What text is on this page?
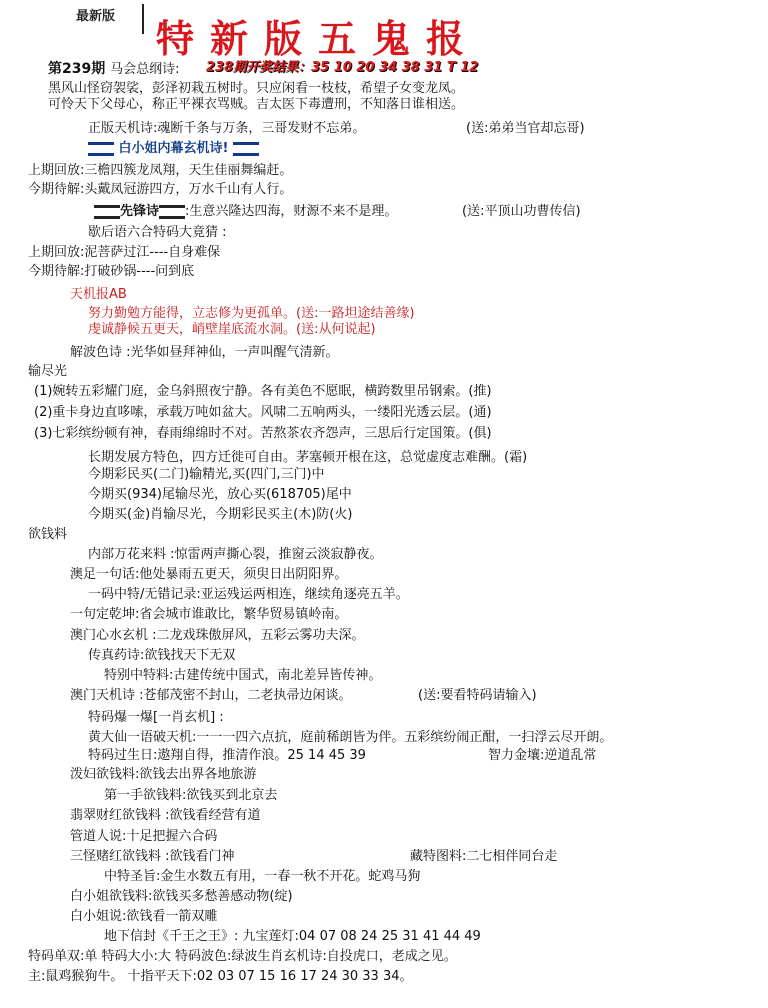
最新版 特新版五鬼报
第239期 马会总纲诗: 238期开奖结果：35 10 20 34 38 31 T 12
黑风山怪窃袈裟，彭泽初栽五树时。只应闲看一枝枝，希望子女变龙凤。
可怜天下父母心，称正平裸衣骂贼。吉太医下毒遭刑，不知落日谁相送。
正版天机诗:魂断千条与万条，三哥发财不忘弟。	(送:弟弟当官却忘哥)
白小姐内幕玄机诗!
上期回放:三檐四簇龙凤翔，天生佳丽舞编赶。
今期待解:头戴凤冠游四方，万水千山有人行。
先锋诗 :生意兴隆达四海，财源不来不是理。	(送:平顶山功曹传信)
歇后语六合特码大竟猜 :
上期回放:泥菩萨过江----自身难保
今期待解:打破砂锅----问到底
天机报AB
努力勤勉方能得，立志修为更孤单。(送:一路坦途结善缘)
虔诚静候五更天，峭壁崖底流水洞。(送:从何说起)
解波色诗 :光华如昼拜神仙，一声叫醒气清新。
输尽光
(1)婉转五彩耀门庭，金乌斜照夜宁静。各有美色不愿眠，横跨数里吊钢索。(推)
(2)重卡身边直哆嗦，承载万吨如盆大。风啸二五响两头，一缕阳光透云层。(通)
(3)七彩缤纷顿有神，春雨绵绵时不对。苦熬茶农齐怨声，三思后行定国策。(俱)
长期发展方特色，四方迁徙可自由。茅塞顿开根在这，总觉虚度志难酬。(霜)
今期彩民买(二门)输精光,买(四门,三门)中
今期买(934)尾输尽光，放心买(618705)尾中
今期买(金)肖输尽光，今期彩民买主(木)防(火)
欲钱料
内部万花来料 :惊雷两声撕心裂，推窗云淡寂静夜。
澳足一句话:他处暴雨五更天，须臾日出阴阳界。
一码中特/无错记录:亚运残运两相连，继续角逐亮五羊。
一句定乾坤:省会城市谁敢比，繁华贸易镇岭南。
澳门心水玄机 :二龙戏珠傲屏风，五彩云雾功夫深。
传真药诗:欲钱找天下无双
特别中特料:古建传统中国式，南北差异皆传神。
澳门天机诗 :苍郁茂密不封山，二老执帚边闲谈。	(送:要看特码请输入)
特码爆一爆[一肖玄机] :
黄大仙一语破天机:一一一四六点抗，庭前稀朗皆为伴。五彩缤纷闹正酣，一扫浮云尽开朗。
特码过生日:遨翔自得，推清作浪。25 14 45 39	智力金壤:逆道乱常
泼妇欲钱料:欲钱去出界各地旅游
第一手欲钱料:欲钱买到北京去
翡翠财红欲钱料 :欲钱看经营有道
管道人说:十足把握六合码
三怪赌红欲钱料 :欲钱看门神	藏特图料:二七相伴同台走
中特圣旨:金生水数五有用，一春一秋不开花。蛇鸡马狗
白小姐欲钱料:欲钱买多愁善感动物(绽)
白小姐说:欲钱看一箭双雕
地下信封《千王之王》: 九宝莲灯:04 07 08 24 25 31 41 44 49
特码单双:单 特码大小:大 特码波色:绿波生肖玄机诗:自投虎口，老成之见。
主:鼠鸡猴狗牛。 十指平天下:02 03 07 15 16 17 24 30 33 34。
